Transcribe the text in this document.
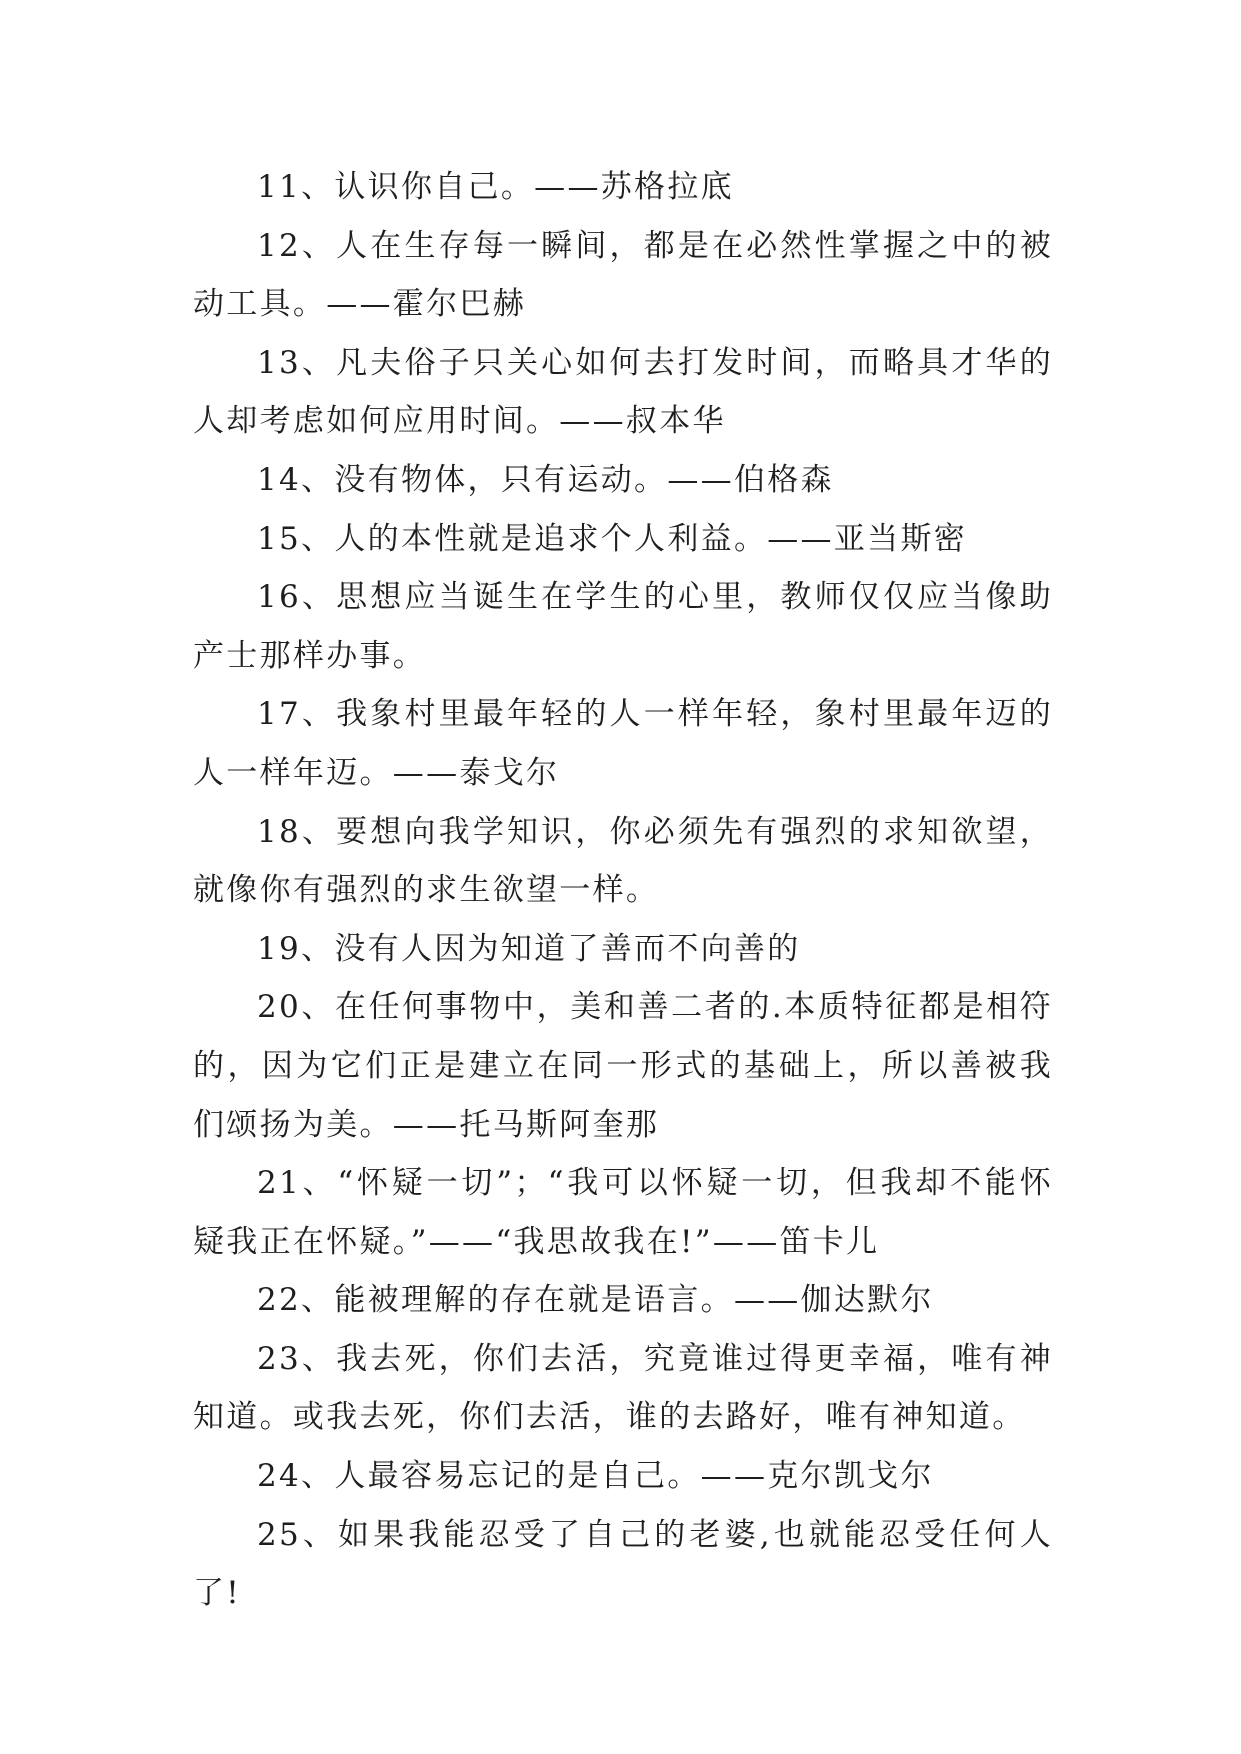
11、认识你自己。——苏格拉底

12、人在生存每一瞬间，都是在必然性掌握之中的被动工具。——霍尔巴赫

13、凡夫俗子只关心如何去打发时间，而略具才华的人却考虑如何应用时间。——叔本华

14、没有物体，只有运动。——伯格森

15、人的本性就是追求个人利益。——亚当斯密

16、思想应当诞生在学生的心里，教师仅仅应当像助产士那样办事。

17、我象村里最年轻的人一样年轻，象村里最年迈的人一样年迈。——泰戈尔

18、要想向我学知识，你必须先有强烈的求知欲望，就像你有强烈的求生欲望一样。

19、没有人因为知道了善而不向善的

20、在任何事物中，美和善二者的.本质特征都是相符的，因为它们正是建立在同一形式的基础上，所以善被我们颂扬为美。——托马斯阿奎那

21、“怀疑一切”；“我可以怀疑一切，但我却不能怀疑我正在怀疑。”——“我思故我在!”——笛卡儿

22、能被理解的存在就是语言。——伽达默尔

23、我去死，你们去活，究竟谁过得更幸福，唯有神知道。或我去死，你们去活，谁的去路好，唯有神知道。

24、人最容易忘记的是自己。——克尔凯戈尔

25、如果我能忍受了自己的老婆,也就能忍受任何人了!
